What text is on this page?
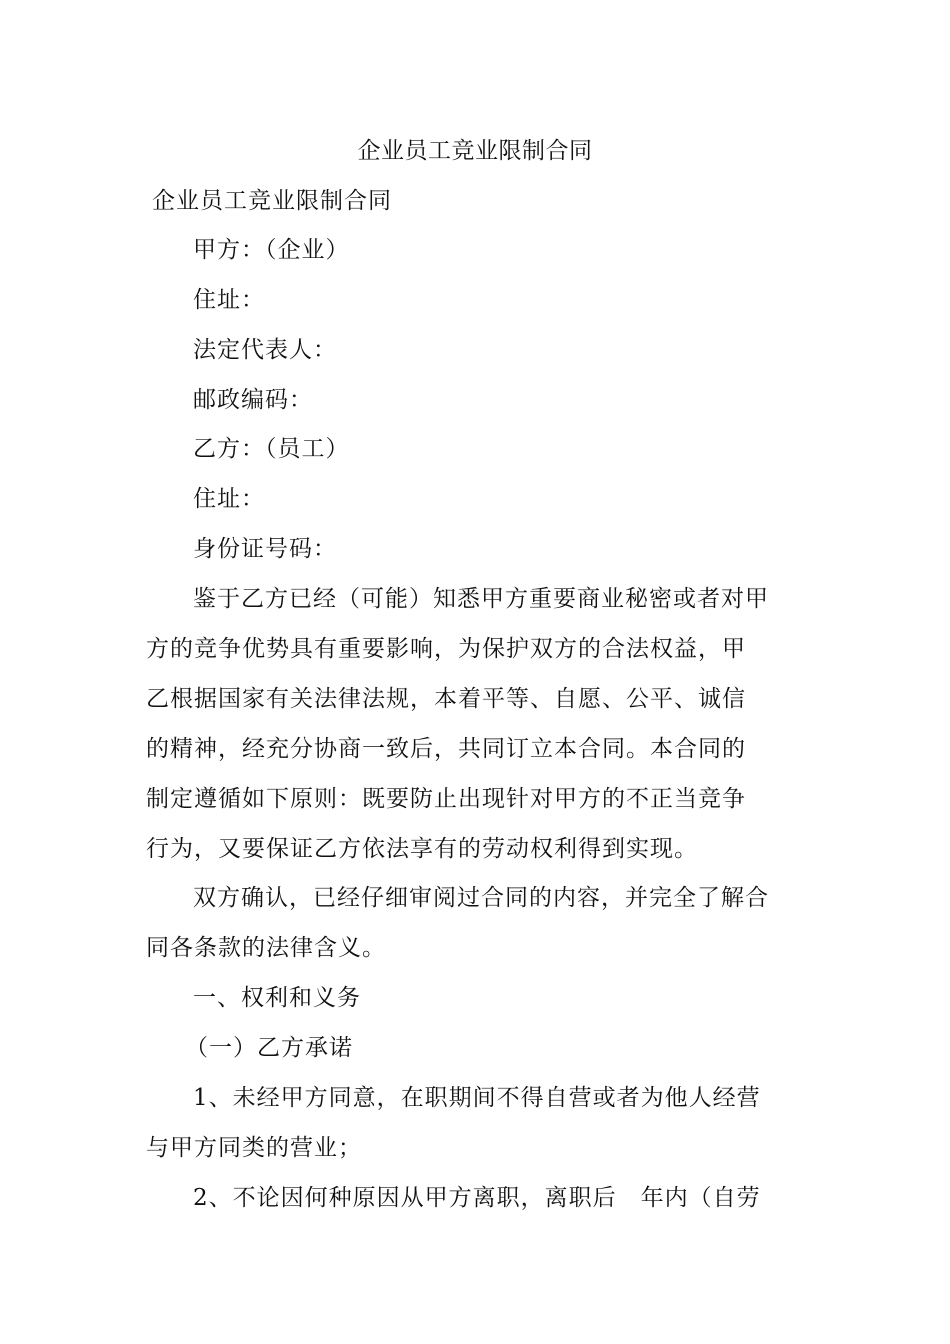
企业员工竞业限制合同

企业员工竞业限制合同

甲方：（企业）

住址：

法定代表人：

邮政编码：

乙方：（员工）

住址：

身份证号码：

鉴于乙方已经（可能）知悉甲方重要商业秘密或者对甲

方的竞争优势具有重要影响，为保护双方的合法权益，甲

乙根据国家有关法律法规，本着平等、自愿、公平、诚信

的精神，经充分协商一致后，共同订立本合同。本合同的

制定遵循如下原则：既要防止出现针对甲方的不正当竞争

行为，又要保证乙方依法享有的劳动权利得到实现。

双方确认，已经仔细审阅过合同的内容，并完全了解合

同各条款的法律含义。

一、权利和义务

（一）乙方承诺

1、未经甲方同意，在职期间不得自营或者为他人经营

与甲方同类的营业；

2、不论因何种原因从甲方离职，离职后　年内（自劳
